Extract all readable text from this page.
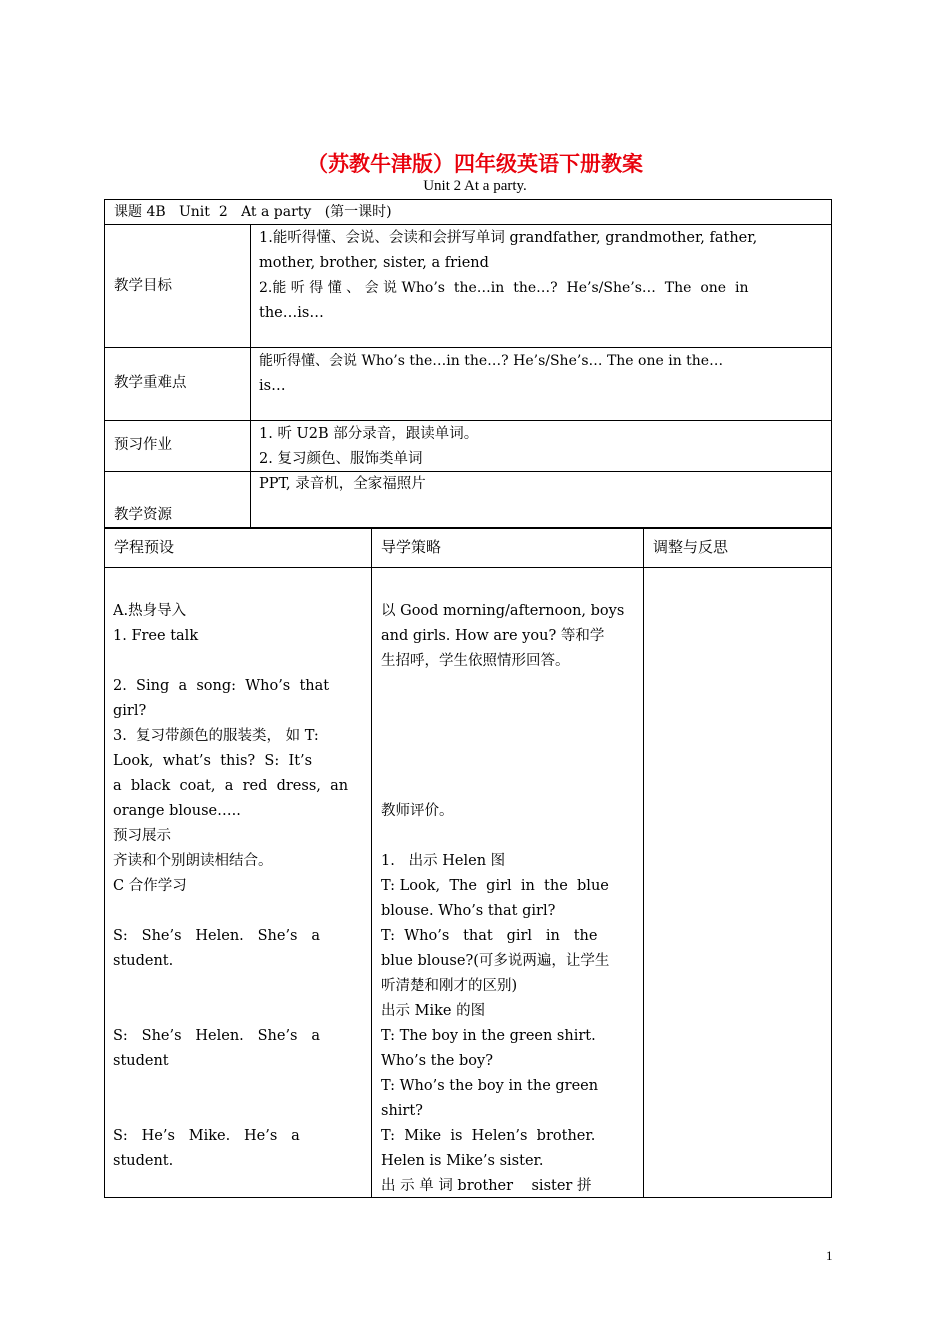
（苏教牛津版）四年级英语下册教案
Unit 2 At a party.
课题 4B   Unit  2   At a party   (第一课时)
教学目标
教学重难点
预习作业
教学资源
1.能听得懂、会说、会读和会拼写单词 grandfather, grandmother, father,
mother, brother, sister, a friend
2.能 听 得 懂 、 会 说 Who’s  the…in  the…?  He’s/She’s…  The  one  in
the…is…
能听得懂、会说 Who’s the…in the…? He’s/She’s… The one in the…
is…
1. 听 U2B 部分录音，跟读单词。
2. 复习颜色、服饰类单词
PPT, 录音机，全家福照片
学程预设	导学策略	调整与反思
A.热身导入
1. Free talk
2.  Sing  a  song:  Who’s  that
girl?
3.  复习带颜色的服装类， 如 T:
Look,  what’s  this?  S:  It’s
a  black  coat,  a  red  dress,  an
orange blouse…..
预习展示
齐读和个别朗读相结合。
C 合作学习
S:   She’s   Helen.   She’s   a
student.
S:   She’s   Helen.   She’s   a
student
S:   He’s   Mike.   He’s   a
student.
以 Good morning/afternoon, boys
and girls. How are you? 等和学
生招呼，学生依照情形回答。
教师评价。
1.   出示 Helen 图
T: Look,  The  girl  in  the  blue
blouse. Who’s that girl?
T:  Who’s   that   girl   in   the
blue blouse?(可多说两遍，让学生
听清楚和刚才的区别)
出示 Mike 的图
T: The boy in the green shirt.
Who’s the boy?
T: Who’s the boy in the green
shirt?
T:  Mike  is  Helen’s  brother.
Helen is Mike’s sister.
出 示 单 词 brother    sister 拼
1
